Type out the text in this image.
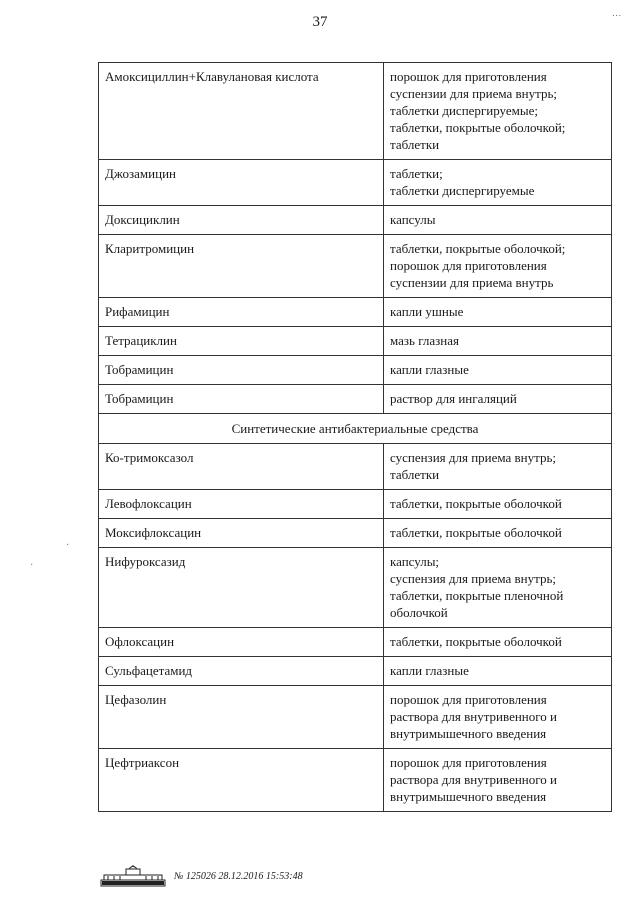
37
...
·
·
Амоксициллин+Клавулановая кислота	порошок для приготовления
суспензии для приема внутрь;
таблетки диспергируемые;
таблетки, покрытые оболочкой;
таблетки

Джозамицин	таблетки;
таблетки диспергируемые

Доксициклин	капсулы

Кларитромицин	таблетки, покрытые оболочкой;
порошок для приготовления
суспензии для приема внутрь

Рифамицин	капли ушные

Тетрациклин	мазь глазная

Тобрамицин	капли глазные

Тобрамицин	раствор для ингаляций

Синтетические антибактериальные средства	
Ко-тримоксазол	суспензия для приема внутрь;
таблетки

Левофлоксацин	таблетки, покрытые оболочкой

Моксифлоксацин	таблетки, покрытые оболочкой

Нифуроксазид	капсулы;
суспензия для приема внутрь;
таблетки, покрытые пленочной
оболочкой

Офлоксацин	таблетки, покрытые оболочкой

Сульфацетамид	капли глазные

Цефазолин	порошок для приготовления
раствора для внутривенного и
внутримышечного введения

Цефтриаксон	порошок для приготовления
раствора для внутривенного и
внутримышечного введения
№ 125026 28.12.2016 15:53:48
